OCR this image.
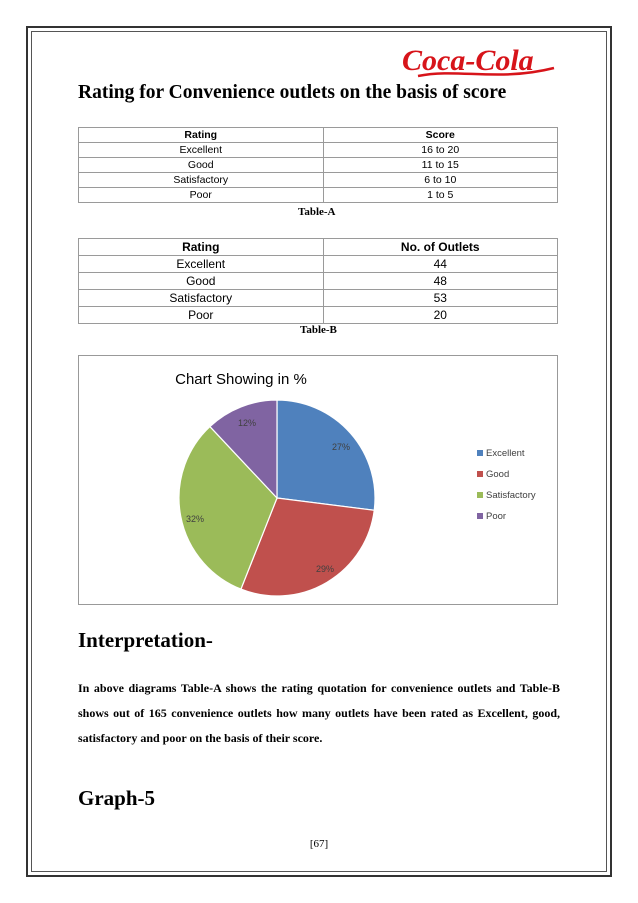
Coca-Cola
Rating for Convenience outlets on the basis of score
Rating	Score
Excellent	16 to 20
Good	11 to 15
Satisfactory	6 to 10
Poor	1 to 5
Table-A
Rating	No. of Outlets
Excellent	44
Good	48
Satisfactory	53
Poor	20
Table-B
Chart Showing in %
27%
29%
32%
12%
Excellent
Good
Satisfactory
Poor
Interpretation-
In above diagrams Table-A shows the rating quotation for convenience outlets and Table-B shows out of 165 convenience outlets how many outlets have been rated as Excellent, good, satisfactory and poor on the basis of their score.
Graph-5
[67]
